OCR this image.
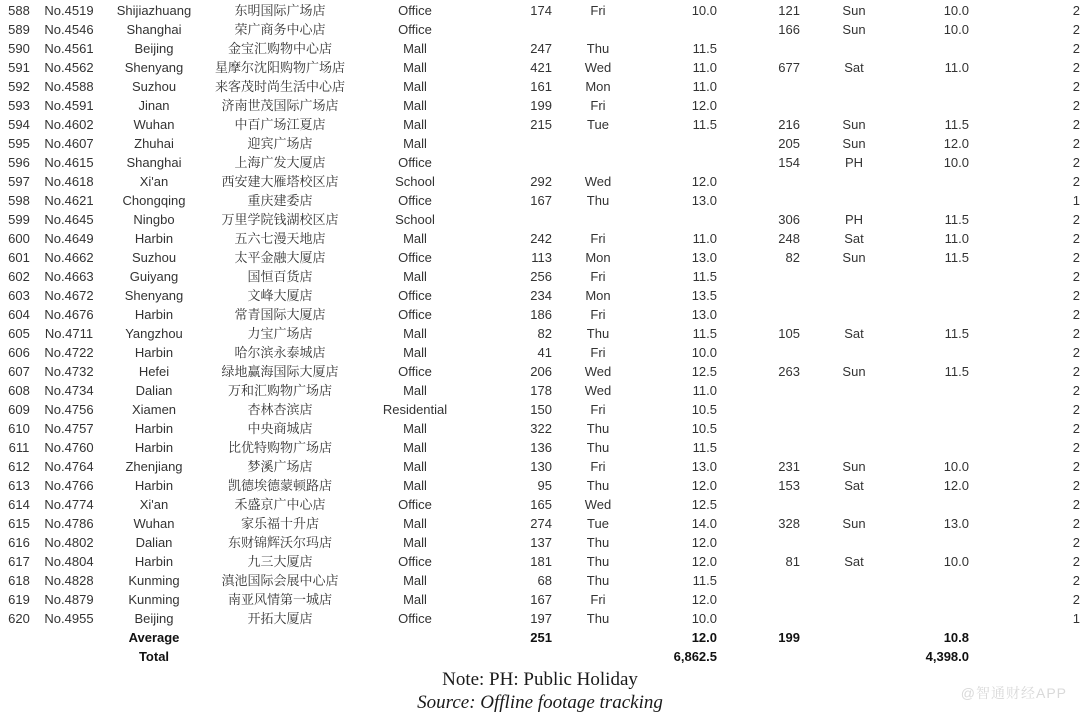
588	No.4519	Shijiazhuang	东明国际广场店	Office	174	Fri	10.0	121	Sun	10.0	2
589	No.4546	Shanghai	荣广商务中心店	Office				166	Sun	10.0	2
590	No.4561	Beijing	金宝汇购物中心店	Mall	247	Thu	11.5				2
591	No.4562	Shenyang	星摩尔沈阳购物广场店	Mall	421	Wed	11.0	677	Sat	11.0	2
592	No.4588	Suzhou	来客茂时尚生活中心店	Mall	161	Mon	11.0				2
593	No.4591	Jinan	济南世茂国际广场店	Mall	199	Fri	12.0				2
594	No.4602	Wuhan	中百广场江夏店	Mall	215	Tue	11.5	216	Sun	11.5	2
595	No.4607	Zhuhai	迎宾广场店	Mall				205	Sun	12.0	2
596	No.4615	Shanghai	上海广发大厦店	Office				154	PH	10.0	2
597	No.4618	Xi'an	西安建大雁塔校区店	School	292	Wed	12.0				2
598	No.4621	Chongqing	重庆建委店	Office	167	Thu	13.0				1
599	No.4645	Ningbo	万里学院钱湖校区店	School				306	PH	11.5	2
600	No.4649	Harbin	五六七漫天地店	Mall	242	Fri	11.0	248	Sat	11.0	2
601	No.4662	Suzhou	太平金融大厦店	Office	113	Mon	13.0	82	Sun	11.5	2
602	No.4663	Guiyang	国恒百货店	Mall	256	Fri	11.5				2
603	No.4672	Shenyang	文峰大厦店	Office	234	Mon	13.5				2
604	No.4676	Harbin	常青国际大厦店	Office	186	Fri	13.0				2
605	No.4711	Yangzhou	力宝广场店	Mall	82	Thu	11.5	105	Sat	11.5	2
606	No.4722	Harbin	哈尔滨永泰城店	Mall	41	Fri	10.0				2
607	No.4732	Hefei	绿地赢海国际大厦店	Office	206	Wed	12.5	263	Sun	11.5	2
608	No.4734	Dalian	万和汇购物广场店	Mall	178	Wed	11.0				2
609	No.4756	Xiamen	杏林杏滨店	Residential	150	Fri	10.5				2
610	No.4757	Harbin	中央商城店	Mall	322	Thu	10.5				2
611	No.4760	Harbin	比优特购物广场店	Mall	136	Thu	11.5				2
612	No.4764	Zhenjiang	梦溪广场店	Mall	130	Fri	13.0	231	Sun	10.0	2
613	No.4766	Harbin	凯德埃德蒙顿路店	Mall	95	Thu	12.0	153	Sat	12.0	2
614	No.4774	Xi'an	禾盛京广中心店	Office	165	Wed	12.5				2
615	No.4786	Wuhan	家乐福十升店	Mall	274	Tue	14.0	328	Sun	13.0	2
616	No.4802	Dalian	东财锦辉沃尔玛店	Mall	137	Thu	12.0				2
617	No.4804	Harbin	九三大厦店	Office	181	Thu	12.0	81	Sat	10.0	2
618	No.4828	Kunming	滇池国际会展中心店	Mall	68	Thu	11.5				2
619	No.4879	Kunming	南亚风情第一城店	Mall	167	Fri	12.0				2
620	No.4955	Beijing	开拓大厦店	Office	197	Thu	10.0				1
		Average			251		12.0	199		10.8	
		Total					6,862.5			4,398.0	
Note: PH: Public Holiday
Source: Offline footage tracking	@智通财经APP
